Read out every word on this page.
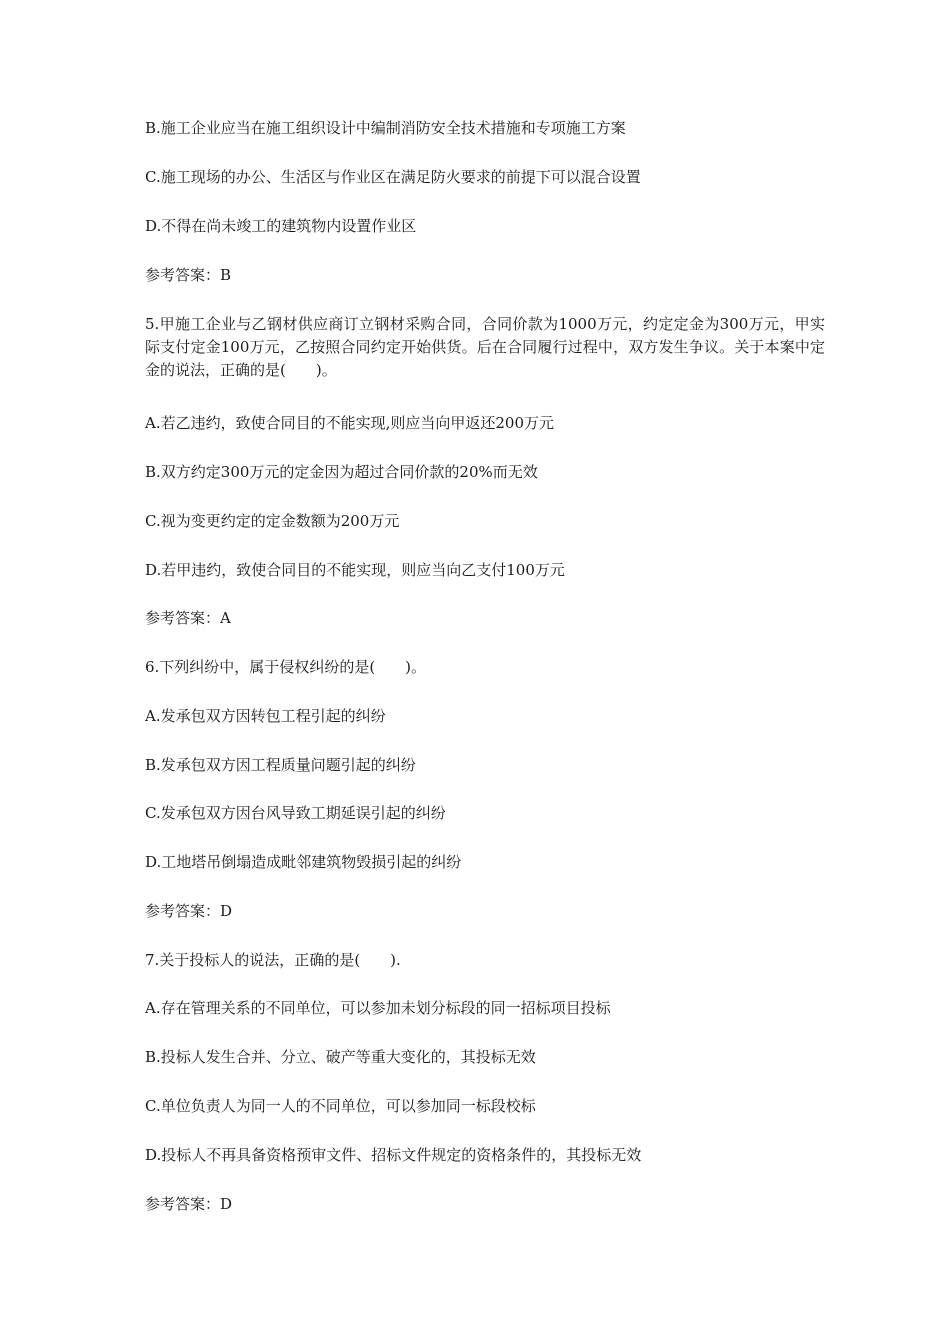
B.施工企业应当在施工组织设计中编制消防安全技术措施和专项施工方案
C.施工现场的办公、生活区与作业区在满足防火要求的前提下可以混合设置
D.不得在尚未竣工的建筑物内设置作业区
参考答案：B
5.甲施工企业与乙钢材供应商订立钢材采购合同，合同价款为1000万元，约定定金为300万元，甲实际支付定金100万元，乙按照合同约定开始供货。后在合同履行过程中，双方发生争议。关于本案中定金的说法，正确的是(　　)。
A.若乙违约，致使合同目的不能实现,则应当向甲返还200万元
B.双方约定300万元的定金因为超过合同价款的20%而无效
C.视为变更约定的定金数额为200万元
D.若甲违约，致使合同目的不能实现，则应当向乙支付100万元
参考答案：A
6.下列纠纷中，属于侵权纠纷的是(　　)。
A.发承包双方因转包工程引起的纠纷
B.发承包双方因工程质量问题引起的纠纷
C.发承包双方因台风导致工期延误引起的纠纷
D.工地塔吊倒塌造成毗邻建筑物毁损引起的纠纷
参考答案：D
7.关于投标人的说法，正确的是(　　).
A.存在管理关系的不同单位，可以参加未划分标段的同一招标项目投标
B.投标人发生合并、分立、破产等重大变化的，其投标无效
C.单位负责人为同一人的不同单位，可以参加同一标段校标
D.投标人不再具备资格预审文件、招标文件规定的资格条件的，其投标无效
参考答案：D
